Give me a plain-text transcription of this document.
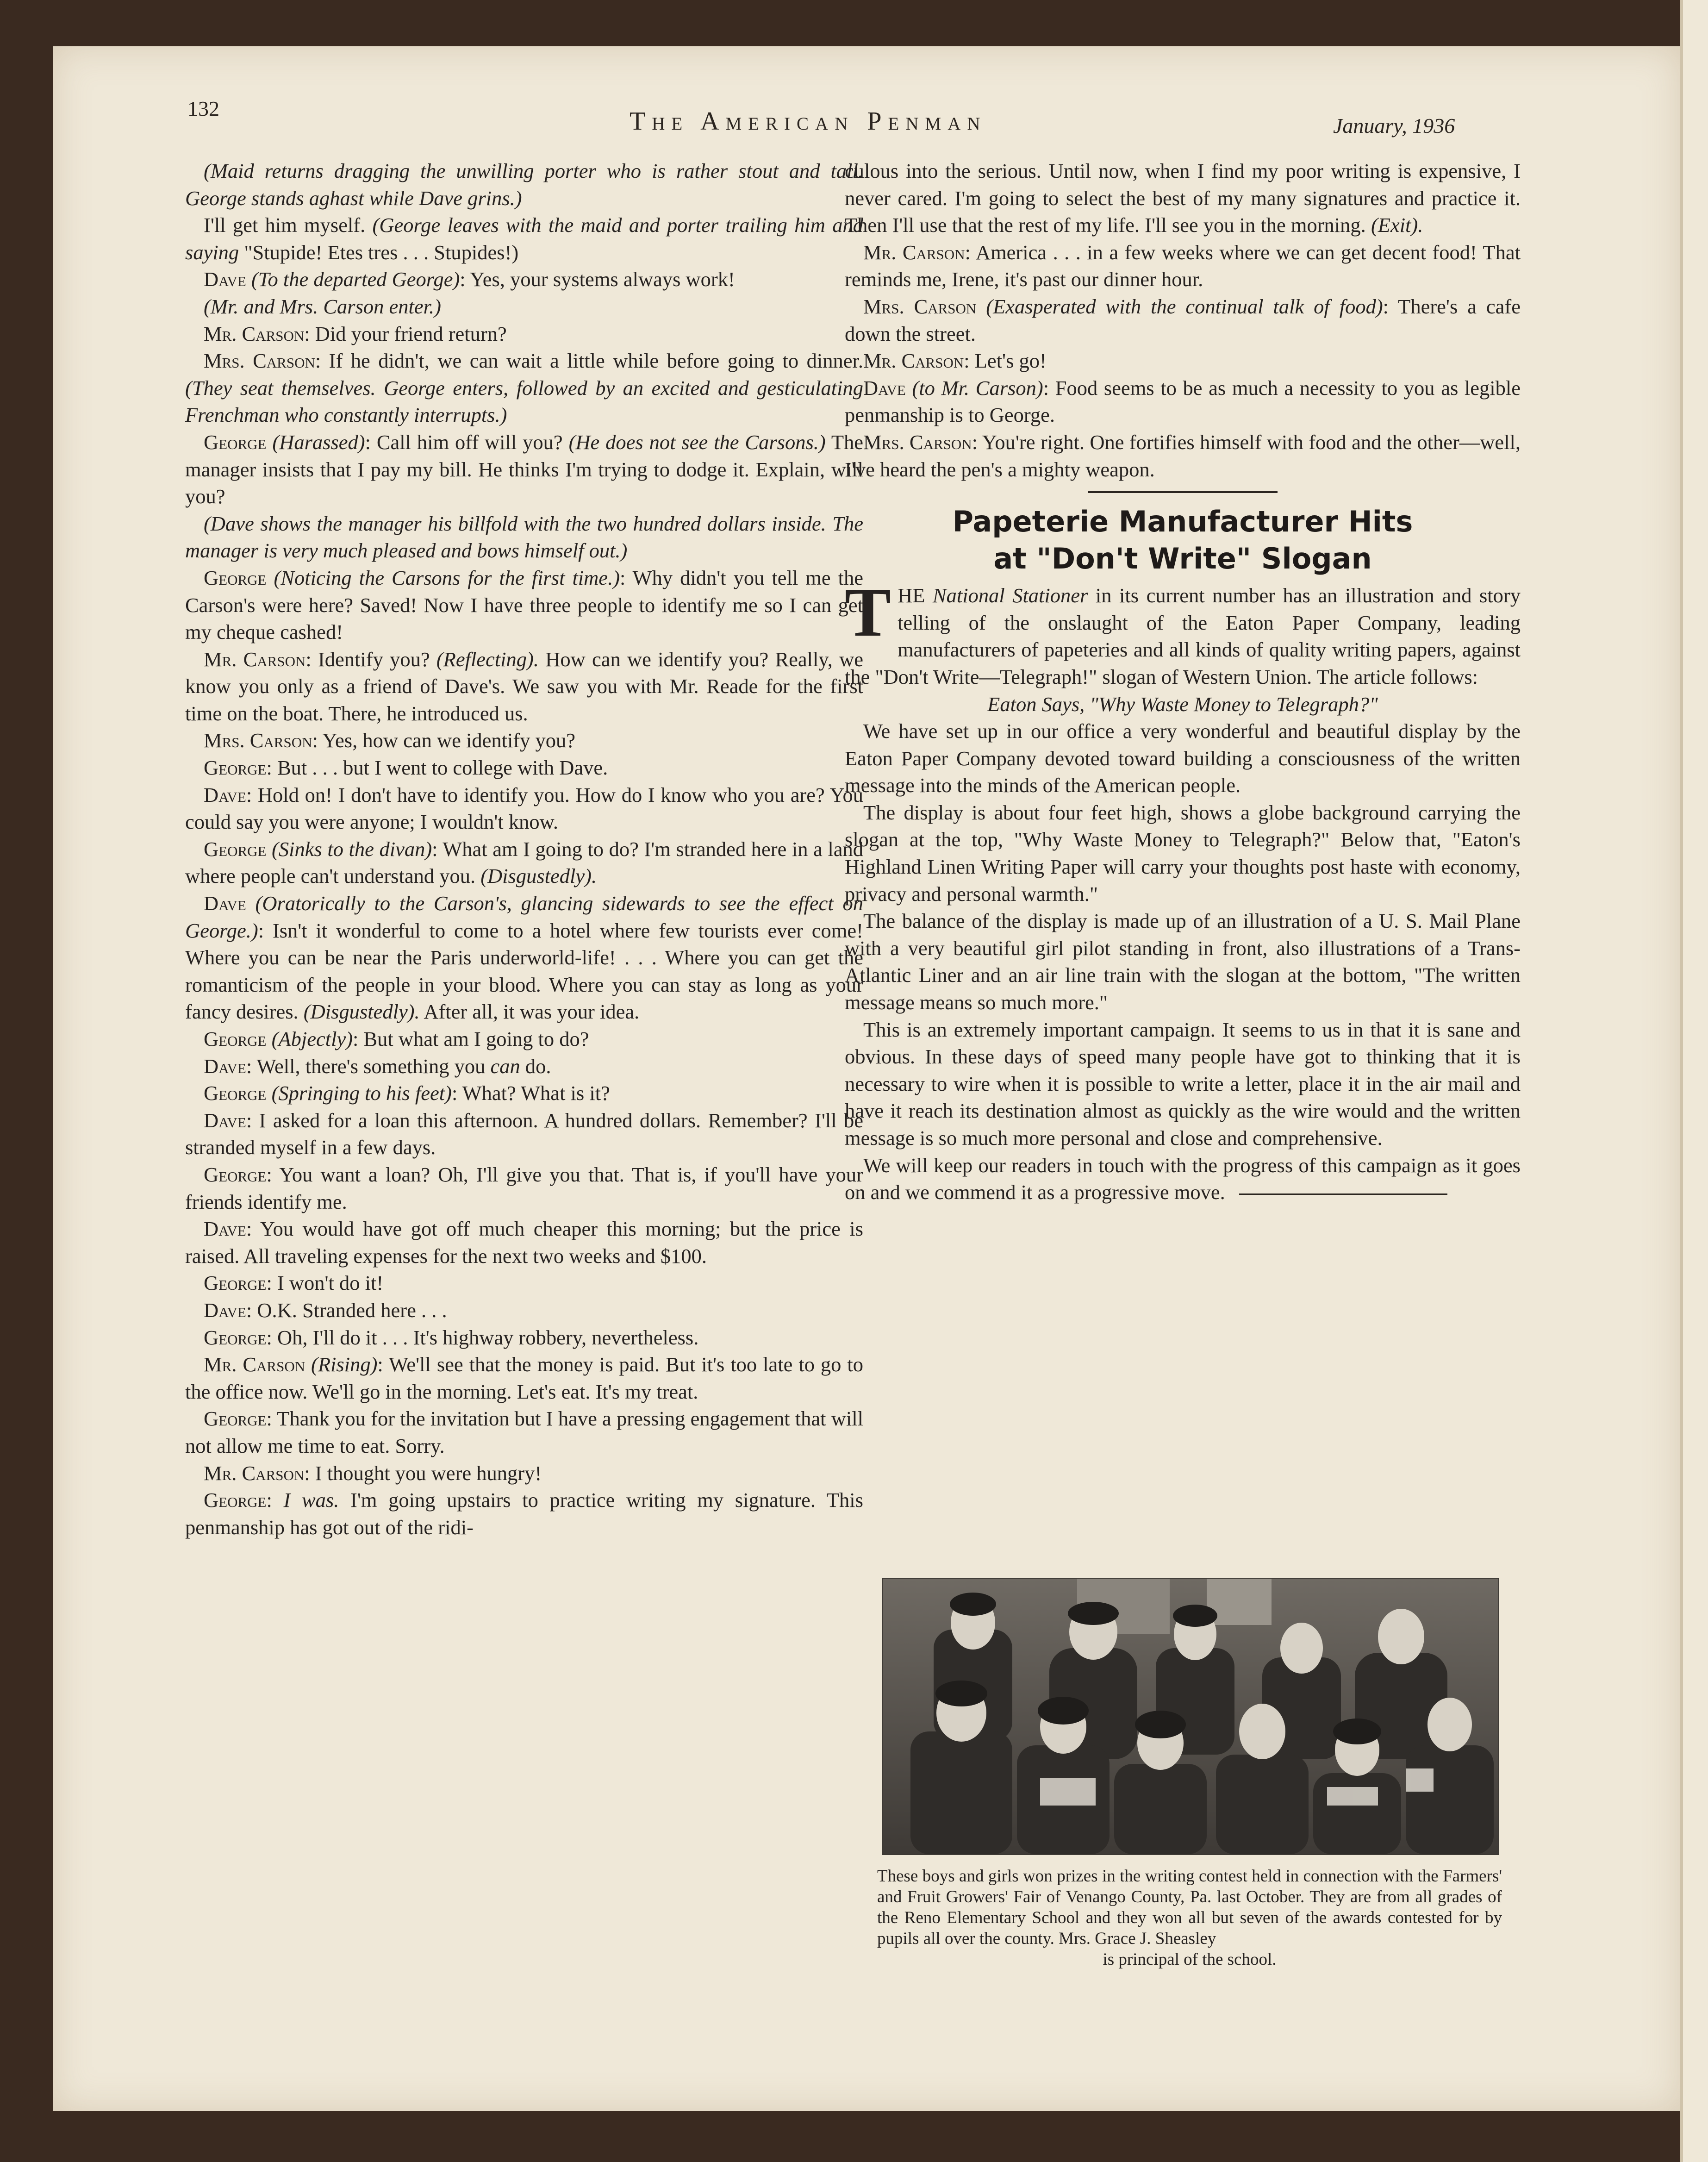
132	The American Penman	January, 1936

(Maid returns dragging the unwilling porter who is rather stout and tall. George stands aghast while Dave grins.)

I'll get him myself. (George leaves with the maid and porter trailing him and saying "Stupide! Etes tres . . . Stupides!)

Dave (To the departed George): Yes, your systems always work!

(Mr. and Mrs. Carson enter.)

Mr. Carson: Did your friend return?

Mrs. Carson: If he didn't, we can wait a little while before going to dinner. (They seat themselves. George enters, followed by an excited and gesticulating Frenchman who constantly interrupts.)

George (Harassed): Call him off will you? (He does not see the Carsons.) The manager insists that I pay my bill. He thinks I'm trying to dodge it. Explain, will you?

(Dave shows the manager his billfold with the two hundred dollars inside. The manager is very much pleased and bows himself out.)

George (Noticing the Carsons for the first time.): Why didn't you tell me the Carson's were here? Saved! Now I have three people to identify me so I can get my cheque cashed!

Mr. Carson: Identify you? (Reflecting). How can we identify you? Really, we know you only as a friend of Dave's. We saw you with Mr. Reade for the first time on the boat. There, he introduced us.

Mrs. Carson: Yes, how can we identify you?

George: But . . . but I went to college with Dave.

Dave: Hold on! I don't have to identify you. How do I know who you are? You could say you were anyone; I wouldn't know.

George (Sinks to the divan): What am I going to do? I'm stranded here in a land where people can't understand you. (Disgustedly).

Dave (Oratorically to the Carson's, glancing sidewards to see the effect on George.): Isn't it wonderful to come to a hotel where few tourists ever come! Where you can be near the Paris underworld-life! . . . Where you can get the romanticism of the people in your blood. Where you can stay as long as your fancy desires. (Disgustedly). After all, it was your idea.

George (Abjectly): But what am I going to do?

Dave: Well, there's something you can do.

George (Springing to his feet): What? What is it?

Dave: I asked for a loan this afternoon. A hundred dollars. Remember? I'll be stranded myself in a few days.

George: You want a loan? Oh, I'll give you that. That is, if you'll have your friends identify me.

Dave: You would have got off much cheaper this morning; but the price is raised. All traveling expenses for the next two weeks and $100.

George: I won't do it!

Dave: O.K. Stranded here . . .

George: Oh, I'll do it . . . It's highway robbery, nevertheless.

Mr. Carson (Rising): We'll see that the money is paid. But it's too late to go to the office now. We'll go in the morning. Let's eat. It's my treat.

George: Thank you for the invitation but I have a pressing engagement that will not allow me time to eat. Sorry.

Mr. Carson: I thought you were hungry!

George: I was. I'm going upstairs to practice writing my signature. This penmanship has got out of the ridi-

culous into the serious. Until now, when I find my poor writing is expensive, I never cared. I'm going to select the best of my many signatures and practice it. Then I'll use that the rest of my life. I'll see you in the morning. (Exit).

Mr. Carson: America . . . in a few weeks where we can get decent food! That reminds me, Irene, it's past our dinner hour.

Mrs. Carson (Exasperated with the continual talk of food): There's a cafe down the street.

Mr. Carson: Let's go!

Dave (to Mr. Carson): Food seems to be as much a necessity to you as legible penmanship is to George.

Mrs. Carson: You're right. One fortifies himself with food and the other—well, I've heard the pen's a mighty weapon.

Papeterie Manufacturer Hits
at "Don't Write" Slogan

THE National Stationer in its current number has an illustration and story telling of the onslaught of the Eaton Paper Company, leading manufacturers of papeteries and all kinds of quality writing papers, against the "Don't Write—Telegraph!" slogan of Western Union. The article follows:

Eaton Says, "Why Waste Money to Telegraph?"

We have set up in our office a very wonderful and beautiful display by the Eaton Paper Company devoted toward building a consciousness of the written message into the minds of the American people.

The display is about four feet high, shows a globe background carrying the slogan at the top, "Why Waste Money to Telegraph?" Below that, "Eaton's Highland Linen Writing Paper will carry your thoughts post haste with economy, privacy and personal warmth."

The balance of the display is made up of an illustration of a U. S. Mail Plane with a very beautiful girl pilot standing in front, also illustrations of a Trans-Atlantic Liner and an air line train with the slogan at the bottom, "The written message means so much more."

This is an extremely important campaign. It seems to us in that it is sane and obvious. In these days of speed many people have got to thinking that it is necessary to wire when it is possible to write a letter, place it in the air mail and have it reach its destination almost as quickly as the wire would and the written message is so much more personal and close and comprehensive.

We will keep our readers in touch with the progress of this campaign as it goes on and we commend it as a progressive move.

These boys and girls won prizes in the writing contest held in connection with the Farmers' and Fruit Growers' Fair of Venango County, Pa. last October. They are from all grades of the Reno Elementary School and they won all but seven of the awards contested for by pupils all over the county. Mrs. Grace J. Sheasley
is principal of the school.
